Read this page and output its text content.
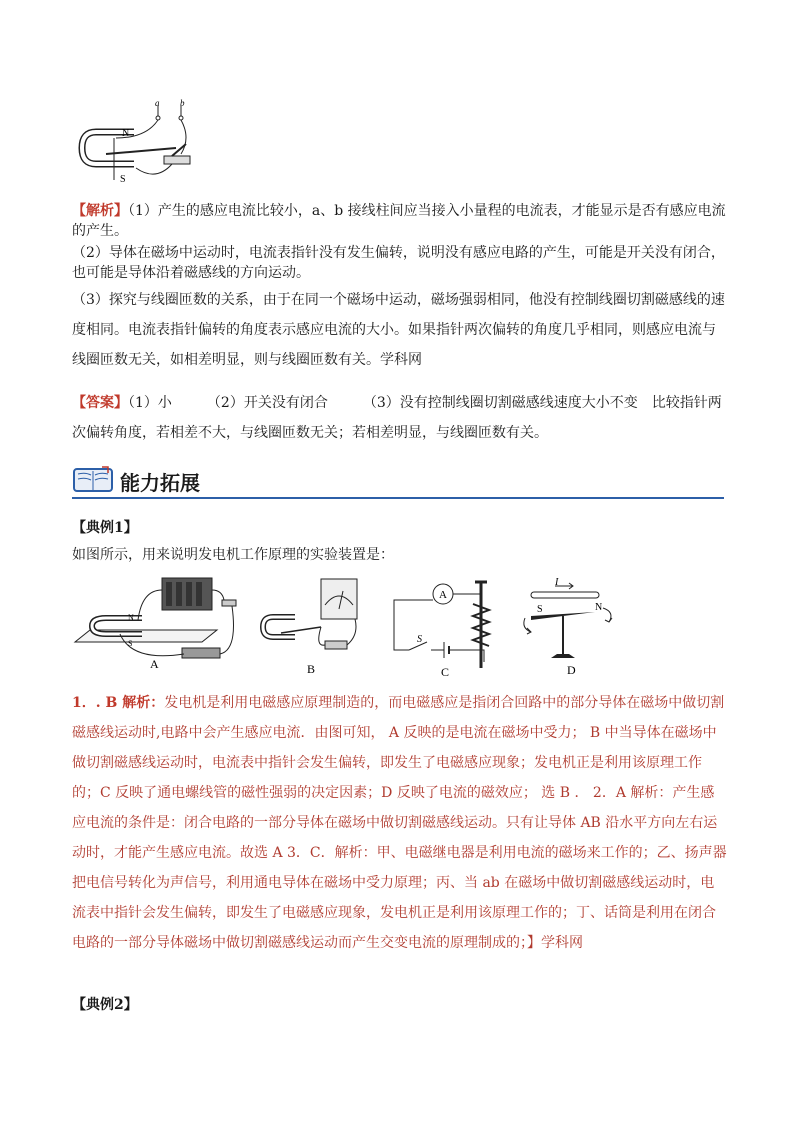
N
S
a b
【解析】（1）产生的感应电流比较小，a、b 接线柱间应当接入小量程的电流表，才能显示是否有感应电流的产生。
（2）导体在磁场中运动时，电流表指针没有发生偏转，说明没有感应电路的产生，可能是开关没有闭合，也可能是导体沿着磁感线的方向运动。
（3）探究与线圈匝数的关系，由于在同一个磁场中运动，磁场强弱相同，他没有控制线圈切割磁感线的速度相同。电流表指针偏转的角度表示感应电流的大小。如果指针两次偏转的角度几乎相同，则感应电流与线圈匝数无关，如相差明显，则与线圈匝数有关。学科网
【答案】（1）小　　　（2）开关没有闭合　　　（3）没有控制线圈切割磁感线速度大小不变　比较指针两次偏转角度，若相差不大，与线圈匝数无关；若相差明显，与线圈匝数有关。
能力拓展
【典例1】
如图所示，用来说明发电机工作原理的实验装置是：
N
S
A	B
A
S
C
I
S	N
D
1．. B 解析：发电机是利用电磁感应原理制造的，而电磁感应是指闭合回路中的部分导体在磁场中做切割磁感线运动时,电路中会产生感应电流．由图可知， A 反映的是电流在磁场中受力； B 中当导体在磁场中做切割磁感线运动时，电流表中指针会发生偏转，即发生了电磁感应现象；发电机正是利用该原理工作的；C 反映了通电螺线管的磁性强弱的决定因素；D 反映了电流的磁效应； 选 B ． 2．A 解析：产生感应电流的条件是：闭合电路的一部分导体在磁场中做切割磁感线运动。只有让导体 AB 沿水平方向左右运动时，才能产生感应电流。故选 A 3．C．解析：甲、电磁继电器是利用电流的磁场来工作的；乙、扬声器把电信号转化为声信号，利用通电导体在磁场中受力原理；丙、当 ab 在磁场中做切割磁感线运动时，电流表中指针会发生偏转，即发生了电磁感应现象，发电机正是利用该原理工作的；丁、话筒是利用在闭合电路的一部分导体磁场中做切割磁感线运动而产生交变电流的原理制成的；】学科网
【典例2】
